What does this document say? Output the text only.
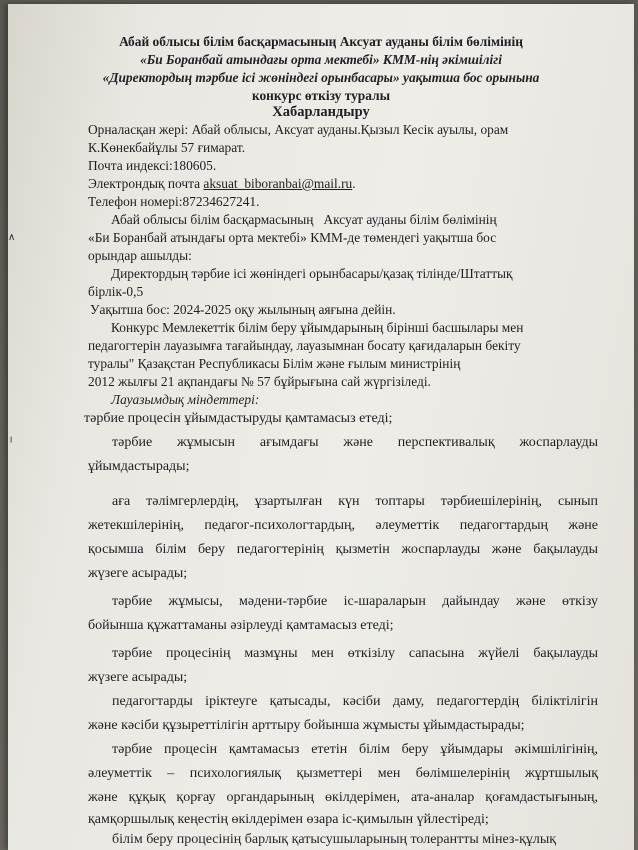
∧
╵

Абай облысы білім басқармасының Аксуат ауданы білім бөлімінің

«Би Боранбай атындағы орта мектебі» КММ-нің әкімшілігі

«Директордың тәрбие ісі жөніндегі орынбасары» уақытша бос орынына

конкурс өткізу туралы

Хабарландыру

Орналасқан жері: Абай облысы, Аксуат ауданы.Қызыл Кесік ауылы, орам

К.Көнекбайұлы 57 ғимарат.

Почта индексі:180605.

Электрондық почта aksuat_biboranbai@mail.ru.

Телефон номері:87234627241.

Абай облысы білім басқармасының Аксуат ауданы білім бөлімінің

«Би Боранбай атындағы орта мектебі» КММ-де төмендегі уақытша бос

орындар ашылды:

Директордың тәрбие ісі жөніндегі орынбасары/қазақ тілінде/Штаттық

бірлік-0,5

Уақытша бос: 2024-2025 оқу жылының аяғына дейін.

Конкурс Мемлекеттік білім беру ұйымдарының бірінші басшылары мен

педагогтерін лауазымға тағайындау, лауазымнан босату қағидаларын бекіту

туралы" Қазақстан Республикасы Білім және ғылым министрінің

2012 жылғы 21 ақпандағы № 57 бұйрығына сай жүргізіледі.

Лауазымдық міндеттері:

тәрбие процесін ұйымдастыруды қамтамасыз етеді;

тәрбие жұмысын ағымдағы және перспективалық жоспарлауды

ұйымдастырады;

аға тәлімгерлердің, ұзартылған күн топтары тәрбиешілерінің, сынып

жетекшілерінің, педагог-психологтардың, әлеуметтік педагогтардың және

қосымша білім беру педагогтерінің қызметін жоспарлауды және бақылауды

жүзеге асырады;

тәрбие жұмысы, мәдени-тәрбие іс-шараларын дайындау және өткізу

бойынша құжаттаманы әзірлеуді қамтамасыз етеді;

тәрбие процесінің мазмұны мен өткізілу сапасына жүйелі бақылауды

жүзеге асырады;

педагогтарды іріктеуге қатысады, кәсіби даму, педагогтердің біліктілігін

және кәсіби құзыреттілігін арттыру бойынша жұмысты ұйымдастырады;

тәрбие процесін қамтамасыз ететін білім беру ұйымдары әкімшілігінің,

әлеуметтік – психологиялық қызметтері мен бөлімшелерінің жұртшылық

және құқық қорғау органдарының өкілдерімен, ата-аналар қоғамдастығының,

қамқоршылық кеңестің өкілдерімен өзара іс-қимылын үйлестіреді;

білім беру процесінің барлық қатысушыларының толерантты мінез-құлық
